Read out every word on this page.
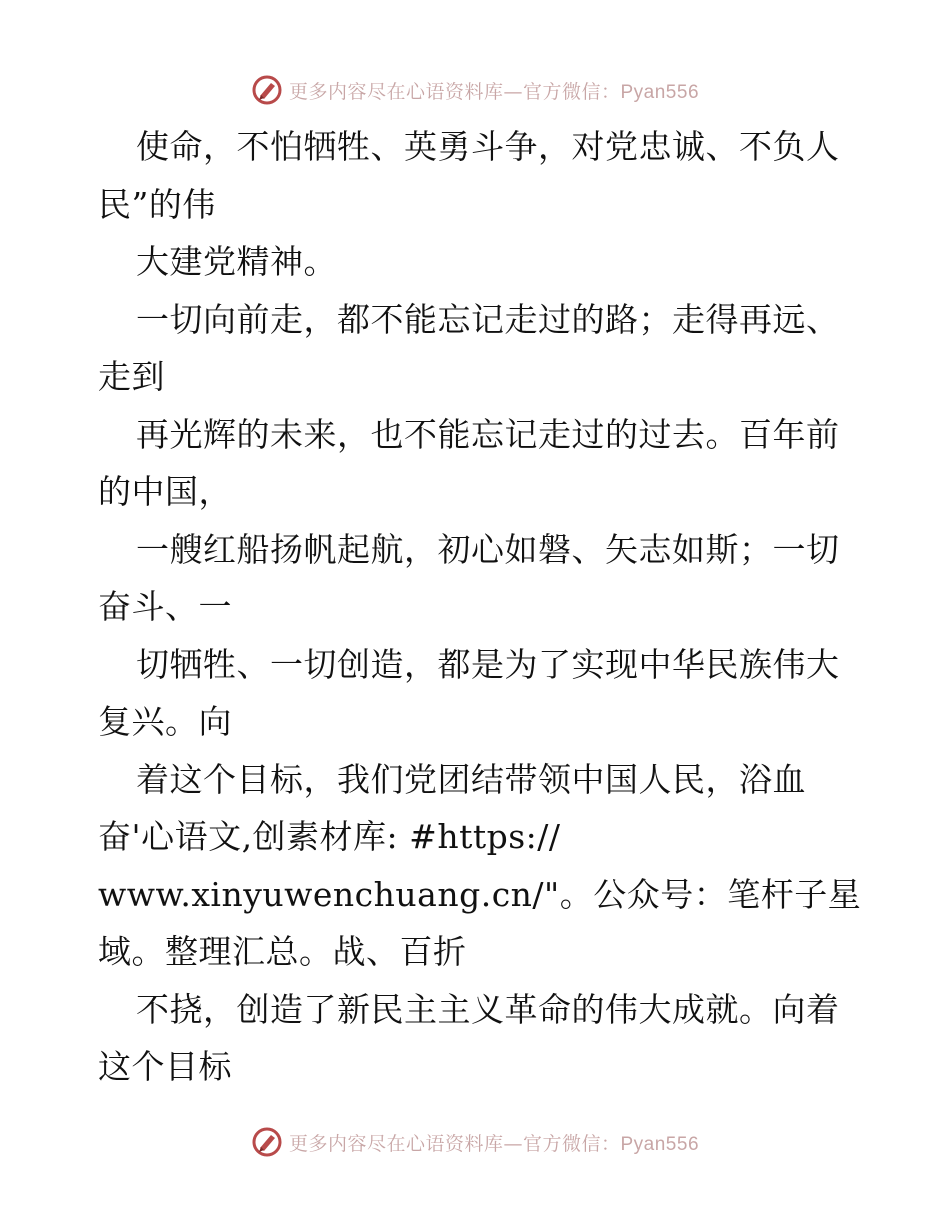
更多内容尽在心语资料库—官方微信：Pyan556
使命，不怕牺牲、英勇斗争，对党忠诚、不负人
民”的伟
大建党精神。
一切向前走，都不能忘记走过的路；走得再远、
走到
再光辉的未来，也不能忘记走过的过去。百年前
的中国，
一艘红船扬帆起航，初心如磐、矢志如斯；一切
奋斗、一
切牺牲、一切创造，都是为了实现中华民族伟大
复兴。向
着这个目标，我们党团结带领中国人民，浴血
奋'心语文,创素材库: #https://
www.xinyuwenchuang.cn/"。公众号：笔杆子星
域。整理汇总。战、百折
不挠，创造了新民主主义革命的伟大成就。向着
这个目标
更多内容尽在心语资料库—官方微信：Pyan556
